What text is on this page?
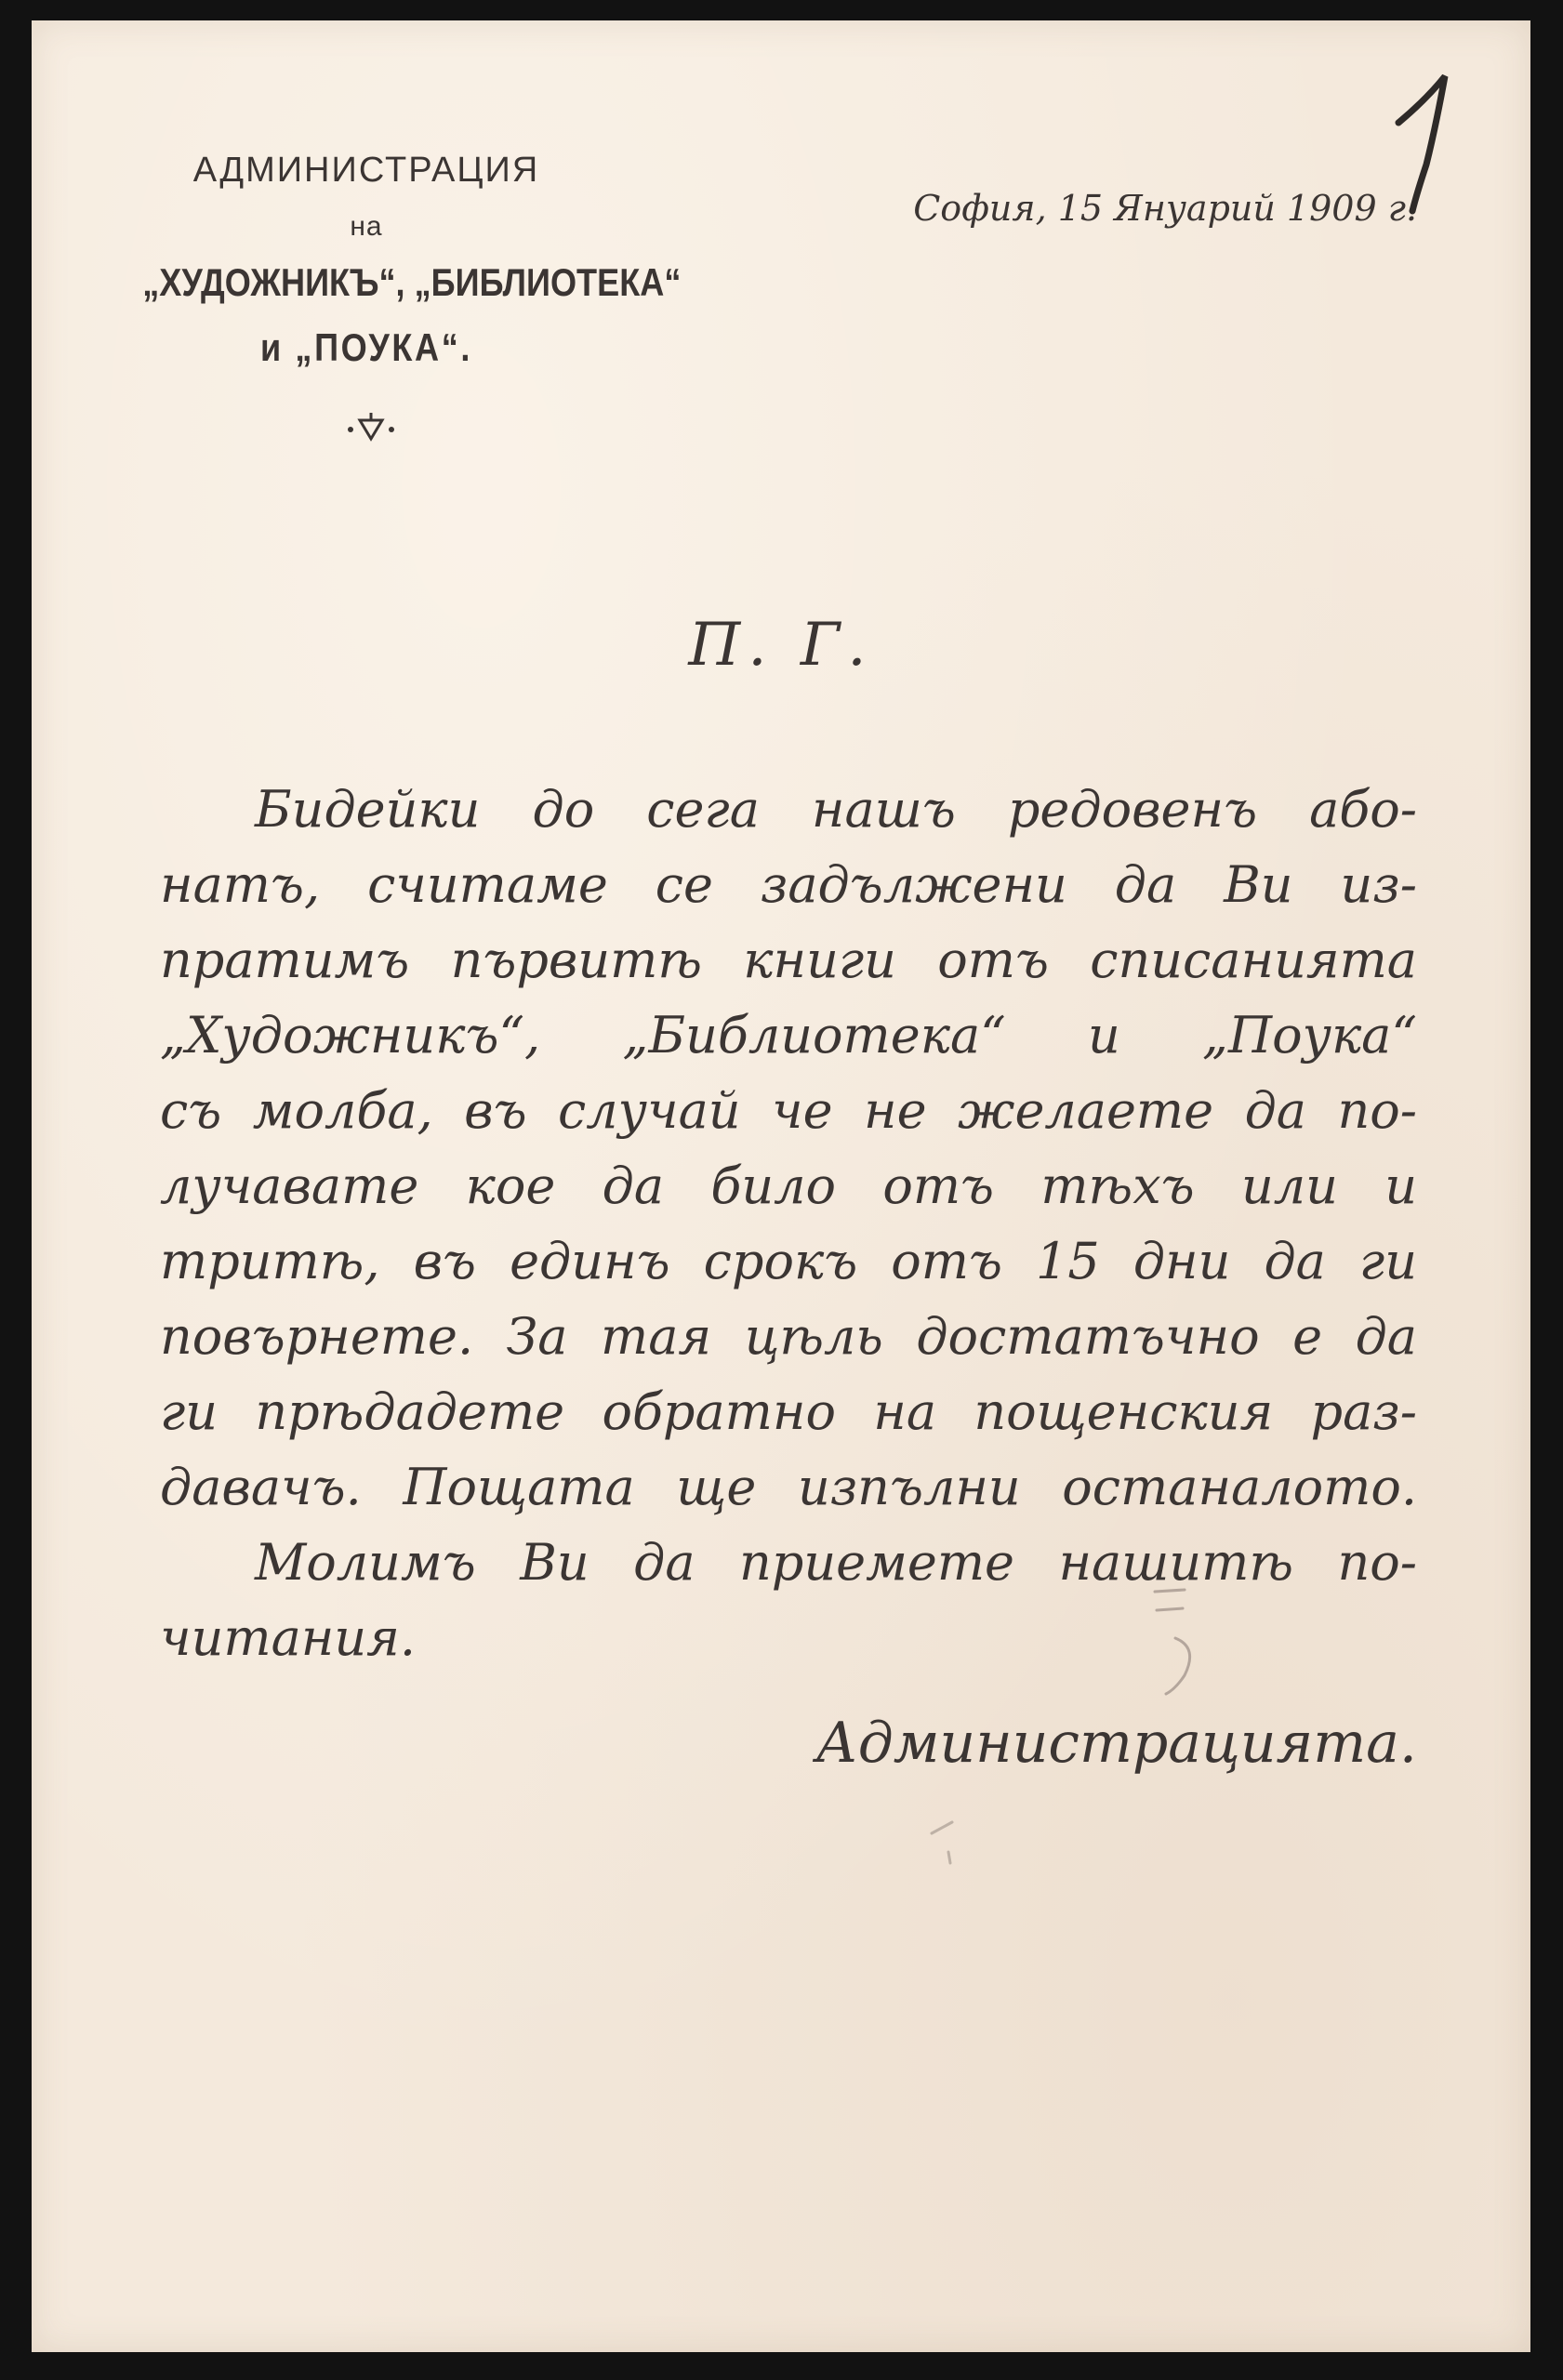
АДМИНИСТРАЦИЯ
на
„ХУДОЖНИКЪ“, „БИБЛИОТЕКА“
и „ПОУКА“.
София, 15 Януарий 1909 г.
П. Г.
Бидейки до сега нашъ редовенъ або-
натъ, считаме се задължени да Ви из-
пратимъ първитѣ книги отъ списанията
„Художникъ“, „Библиотека“ и „Поука“
съ молба, въ случай че не желаете да по-
лучавате кое да било отъ тѣхъ или и
тритѣ, въ единъ срокъ отъ 15 дни да ги
повърнете. За тая цѣль достатъчно е да
ги прѣдадете обратно на пощенския раз-
давачъ. Пощата ще изпълни останалото.
Молимъ Ви да приемете нашитѣ по-
читания.
Администрацията.
